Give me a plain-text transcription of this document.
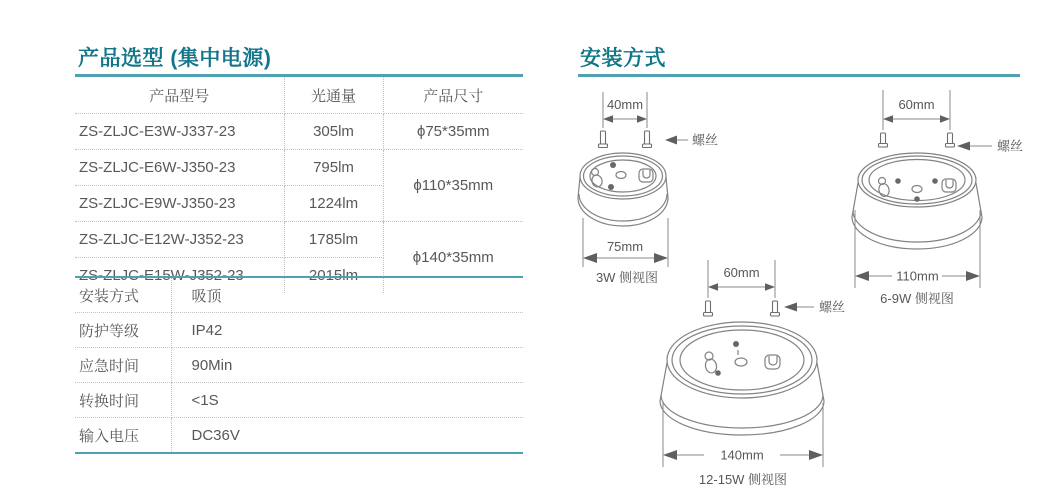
产品选型 (集中电源)	安装方式
产品型号	光通量	产品尺寸
ZS-ZLJC-E3W-J337-23	305lm	ϕ75*35mm
ZS-ZLJC-E6W-J350-23	795lm	ϕ110*35mm
ZS-ZLJC-E9W-J350-23	1224lm	
ZS-ZLJC-E12W-J352-23	1785lm	ϕ140*35mm
ZS-ZLJC-E15W-J352-23	2015lm	
安装方式	吸顶
防护等级	IP42
应急时间	90Min
转换时间	<1S
输入电压	DC36V
40mm
螺丝
75mm
3W 侧视图
60mm
螺丝
110mm
6-9W 侧视图
60mm
螺丝
140mm
12-15W 侧视图
